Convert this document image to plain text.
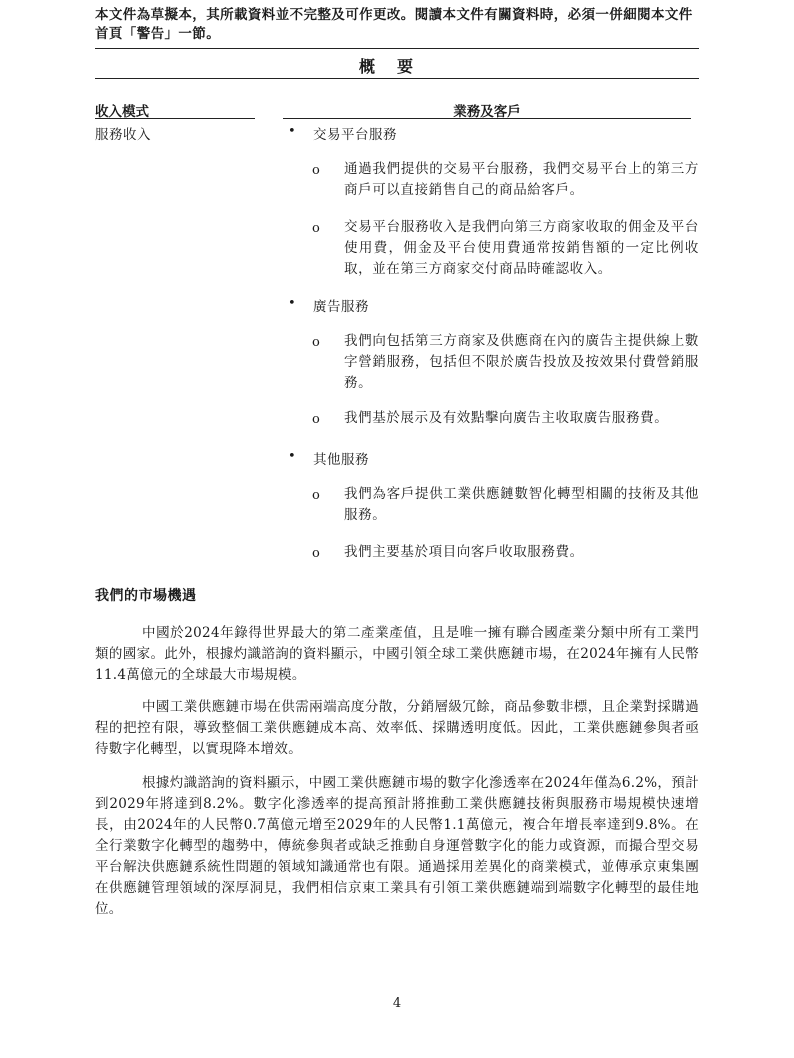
本文件為草擬本，其所載資料並不完整及可作更改。閱讀本文件有關資料時，必須一併細閱本文件首頁「警告」一節。
概要
收入模式	業務及客戶
服務收入	• 交易平台服務
o 通過我們提供的交易平台服務，我們交易平台上的第三方商戶可以直接銷售自己的商品給客戶。
o 交易平台服務收入是我們向第三方商家收取的佣金及平台使用費，佣金及平台使用費通常按銷售額的一定比例收取，並在第三方商家交付商品時確認收入。
• 廣告服務
o 我們向包括第三方商家及供應商在內的廣告主提供線上數字營銷服務，包括但不限於廣告投放及按效果付費營銷服務。
o 我們基於展示及有效點擊向廣告主收取廣告服務費。
• 其他服務
o 我們為客戶提供工業供應鏈數智化轉型相關的技術及其他服務。
o 我們主要基於項目向客戶收取服務費。
我們的市場機遇
中國於2024年錄得世界最大的第二產業產值，且是唯一擁有聯合國產業分類中所有工業門類的國家。此外，根據灼識諮詢的資料顯示，中國引領全球工業供應鏈市場，在2024年擁有人民幣11.4萬億元的全球最大市場規模。
中國工業供應鏈市場在供需兩端高度分散，分銷層級冗餘，商品參數非標，且企業對採購過程的把控有限，導致整個工業供應鏈成本高、效率低、採購透明度低。因此，工業供應鏈參與者亟待數字化轉型，以實現降本增效。
根據灼識諮詢的資料顯示，中國工業供應鏈市場的數字化滲透率在2024年僅為6.2%，預計到2029年將達到8.2%。數字化滲透率的提高預計將推動工業供應鏈技術與服務市場規模快速增長，由2024年的人民幣0.7萬億元增至2029年的人民幣1.1萬億元，複合年增長率達到9.8%。在全行業數字化轉型的趨勢中，傳統參與者或缺乏推動自身運營數字化的能力或資源，而撮合型交易平台解決供應鏈系統性問題的領域知識通常也有限。通過採用差異化的商業模式，並傳承京東集團在供應鏈管理領域的深厚洞見，我們相信京東工業具有引領工業供應鏈端到端數字化轉型的最佳地位。
4
